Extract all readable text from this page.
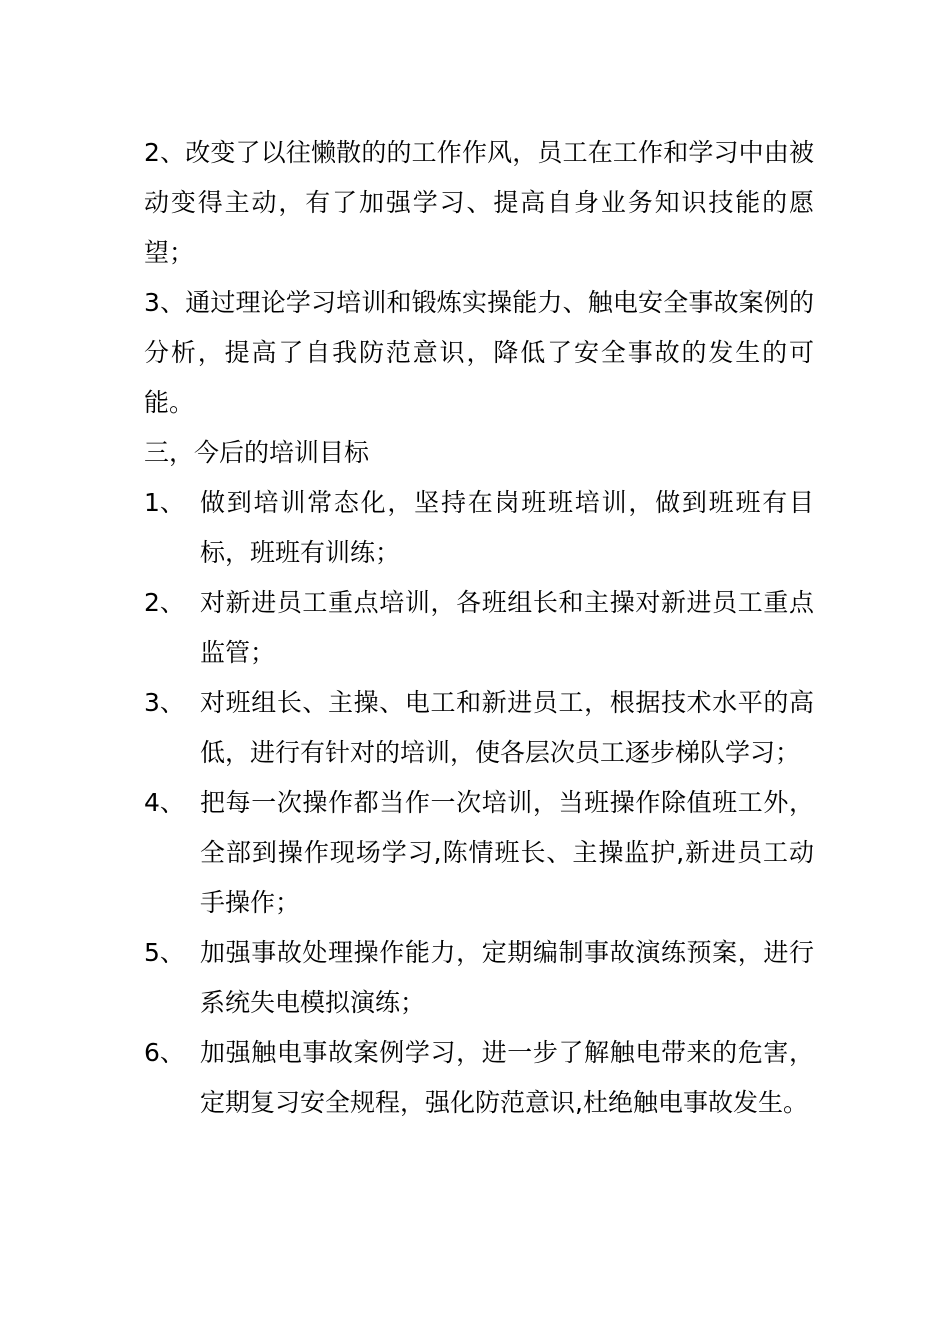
2、改变了以往懒散的的工作作风，员工在工作和学习中由被动变得主动，有了加强学习、提高自身业务知识技能的愿望；

3、通过理论学习培训和锻炼实操能力、触电安全事故案例的分析，提高了自我防范意识，降低了安全事故的发生的可能。

三，今后的培训目标

1、 做到培训常态化，坚持在岗班班培训，做到班班有目标，班班有训练；
2、 对新进员工重点培训，各班组长和主操对新进员工重点监管；
3、 对班组长、主操、电工和新进员工，根据技术水平的高低，进行有针对的培训，使各层次员工逐步梯队学习；
4、 把每一次操作都当作一次培训，当班操作除值班工外，全部到操作现场学习,陈情班长、主操监护,新进员工动手操作；
5、 加强事故处理操作能力，定期编制事故演练预案，进行系统失电模拟演练；
6、 加强触电事故案例学习，进一步了解触电带来的危害，定期复习安全规程，强化防范意识,杜绝触电事故发生。
